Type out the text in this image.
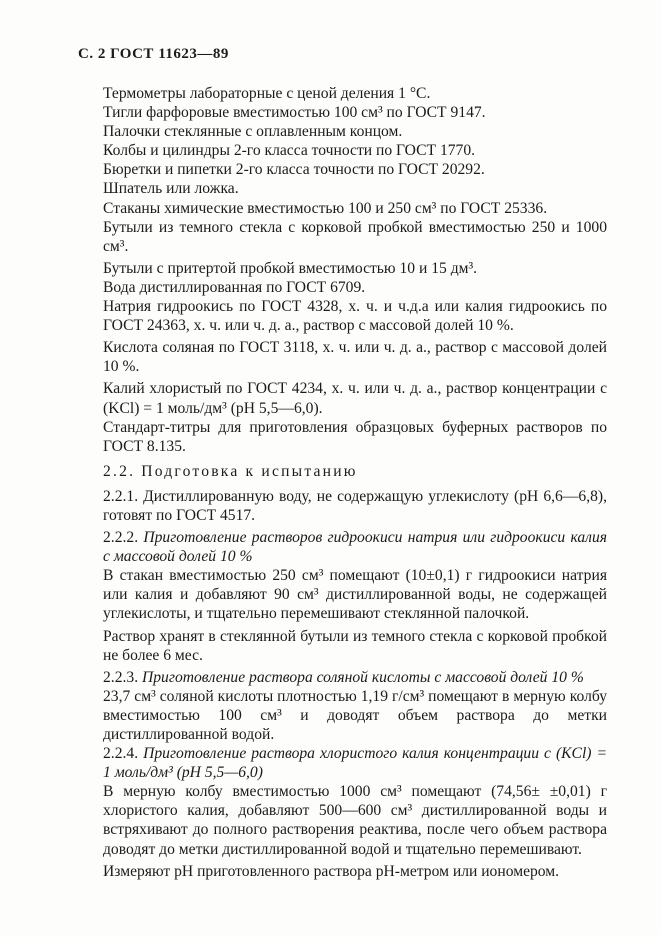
С. 2 ГОСТ 11623—89

Термометры лабораторные с ценой деления 1 °С.

Тигли фарфоровые вместимостью 100 см³ по ГОСТ 9147.

Палочки стеклянные с оплавленным концом.

Колбы и цилиндры 2-го класса точности по ГОСТ 1770.

Бюретки и пипетки 2-го класса точности по ГОСТ 20292.

Шпатель или ложка.

Стаканы химические вместимостью 100 и 250 см³ по ГОСТ 25336.

Бутыли из темного стекла с корковой пробкой вместимостью 250 и 1000 см³.

Бутыли с притертой пробкой вместимостью 10 и 15 дм³.

Вода дистиллированная по ГОСТ 6709.

Натрия гидроокись по ГОСТ 4328, х. ч. и ч.д.а или калия гидроокись по ГОСТ 24363, х. ч. или ч. д. а., раствор с массовой долей 10 %.

Кислота соляная по ГОСТ 3118, х. ч. или ч. д. а., раствор с массовой долей 10 %.

Калий хлористый по ГОСТ 4234, х. ч. или ч. д. а., раствор концентрации с (KCl) = 1 моль/дм³ (pH 5,5—6,0).

Стандарт-титры для приготовления образцовых буферных растворов по ГОСТ 8.135.

2.2. Подготовка к испытанию

2.2.1. Дистиллированную воду, не содержащую углекислоту (pH 6,6—6,8), готовят по ГОСТ 4517.

2.2.2. Приготовление растворов гидроокиси натрия или гидроокиси калия с массовой долей 10 %

В стакан вместимостью 250 см³ помещают (10±0,1) г гидроокиси натрия или калия и добавляют 90 см³ дистиллированной воды, не содержащей углекислоты, и тщательно перемешивают стеклянной палочкой.

Раствор хранят в стеклянной бутыли из темного стекла с корковой пробкой не более 6 мес.

2.2.3. Приготовление раствора соляной кислоты с массовой долей 10 %

23,7 см³ соляной кислоты плотностью 1,19 г/см³ помещают в мерную колбу вместимостью 100 см³ и доводят объем раствора до метки дистиллированной водой.

2.2.4. Приготовление раствора хлористого калия концентрации с (KCl) = 1 моль/дм³ (pH 5,5—6,0)

В мерную колбу вместимостью 1000 см³ помещают (74,56± ±0,01) г хлористого калия, добавляют 500—600 см³ дистиллированной воды и встряхивают до полного растворения реактива, после чего объем раствора доводят до метки дистиллированной водой и тщательно перемешивают.

Измеряют pH приготовленного раствора pH-метром или иономером.
